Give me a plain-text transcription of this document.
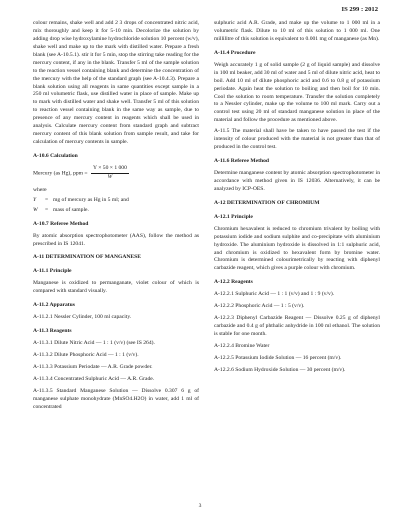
IS 299 : 2012

colour remains, shake well and add 2 3 drops of concentrated nitric acid, mix thoroughly and keep it for 5-10 min. Decolorize the solution by adding drop wise hydroxylamine hydrochloride solution 10 percent (w/v), shake well and make up to the mark with distilled water. Prepare a fresh blank (see A-10.5.1). stir it for 5 min, stop the stirring take reading for the mercury content, if any in the blank. Transfer 5 ml of the sample solution to the reaction vessel containing blank and determine the concentration of the mercury with the help of the standard graph (see A-10.4.3). Prepare a blank solution using all reagents in same quantities except sample in a 250 ml volumetric flask, use distilled water in place of sample. Make up to mark with distilled water and shake well. Transfer 5 ml of this solution to reaction vessel containing blank in the same way as sample, due to presence of any mercury content in reagents which shall be used in analysis. Calculate mercury content from standard graph and subtract mercury content of this blank solution from sample result, and take for calculation of mercury contents in sample.

A-10.6 Calculation
Mercury (as Hg), ppm = $\frac{Y \times 50 \times 1 000}{W}$
where
Y	= mg of mercury as Hg in 5 ml; and
W	= mass of sample.
A-10.7 Referee Method

By atomic absorption spectrophotometer (AAS), follow the method as prescribed in IS 12041.

A-11 DETERMINATION OF MANGANESE
A-11.1 Principle

Manganese is oxidized to permanganate, violet colour of which is compared with standard visually.

A-11.2 Apparatus

A-11.2.1 Nessler Cylinder, 100 ml capacity.

A-11.3 Reagents

A-11.3.1 Dilute Nitric Acid — 1 : 1 (v/v) (see IS 264).

A-11.3.2 Dilute Phosphoric Acid — 1 : 1 (v/v).

A-11.3.3 Potassium Periodate — A.R. Grade powder.

A-11.3.4 Concentrated Sulphuric Acid — A.R. Grade.

A-11.3.5 Standard Manganese Solution — Dissolve 0.307 6 g of manganese sulphate monohydrate (MnSO4.H2O) in water, add 1 ml of concentrated

sulphuric acid A.R. Grade, and make up the volume to 1 000 ml in a volumetric flask. Dilute to 10 ml of this solution to 1 000 ml. One millilitre of this solution is equivalent to 0.001 mg of manganese (as Mn).

A-11.4 Procedure

Weigh accurately 1 g of solid sample (2 g of liquid sample) and dissolve in 100 ml beaker, add 30 ml of water and 5 ml of dilute nitric acid, heat to boil. Add 10 ml of dilute phosphoric acid and 0.6 to 0.8 g of potassium periodate. Again heat the solution to boiling and then boil for 10 min. Cool the solution to room temperature. Transfer the solution completely to a Nessler cylinder, make up the volume to 100 ml mark. Carry out a control test using 20 ml of standard manganese solution in place of the material and follow the procedure as mentioned above.

A-11.5 The material shall have be taken to have passed the test if the intensity of colour produced with the material is not greater than that of produced in the control test.

A-11.6 Referee Method

Determine manganese content by atomic absorption spectrophotometer in accordance with method given in IS 12036. Alternatively, it can be analyzed by ICP-OES.

A-12 DETERMINATION OF CHROMIUM
A-12.1 Principle

Chromium hexavalent is reduced to chromium trivalent by boiling with potassium iodide and sodium sulphite and co-precipitate with aluminium hydroxide. The aluminium hydroxide is dissolved in 1:1 sulphuric acid, and chromium is oxidized to hexavalent form by bromine water. Chromium is determined colourimetrically by reacting with diphenyl carbazide reagent, which gives a purple colour with chromium.

A-12.2 Reagents

A-12.2.1 Sulphuric Acid — 1 : 1 (v/v) and 1 : 9 (v/v).

A-12.2.2 Phosphoric Acid — 1 : 5 (v/v).

A-12.2.3 Diphenyl Carbazide Reagent — Dissolve 0.25 g of diphenyl carbazide and 0.4 g of phthalic anhydride in 100 ml ethanol. The solution is stable for one month.

A-12.2.4 Bromine Water

A-12.2.5 Potassium Iodide Solution — 16 percent (m/v).

A-12.2.6 Sodium Hydroxide Solution — 30 percent (m/v).

3
